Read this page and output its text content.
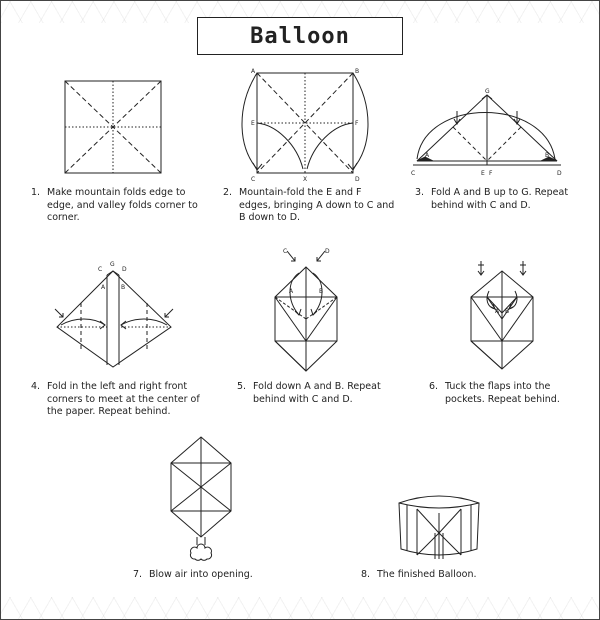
Balloon
1. Make mountain folds edge to edge, and valley folds corner to corner.
A	B
E	F
C	X	D
2. Mountain-fold the E and F edges, bringing A down to C and B down to D.
G
A	B
C	E F	D
3. Fold A and B up to G. Repeat behind with C and D.
C
G
D
A	B
4. Fold in the left and right front corners to meet at the center of the paper. Repeat behind.
C	D
A	B
5. Fold down A and B. Repeat behind with C and D.
A B
6. Tuck the flaps into the pockets. Repeat behind.
7. Blow air into opening.	8. The finished Balloon.
